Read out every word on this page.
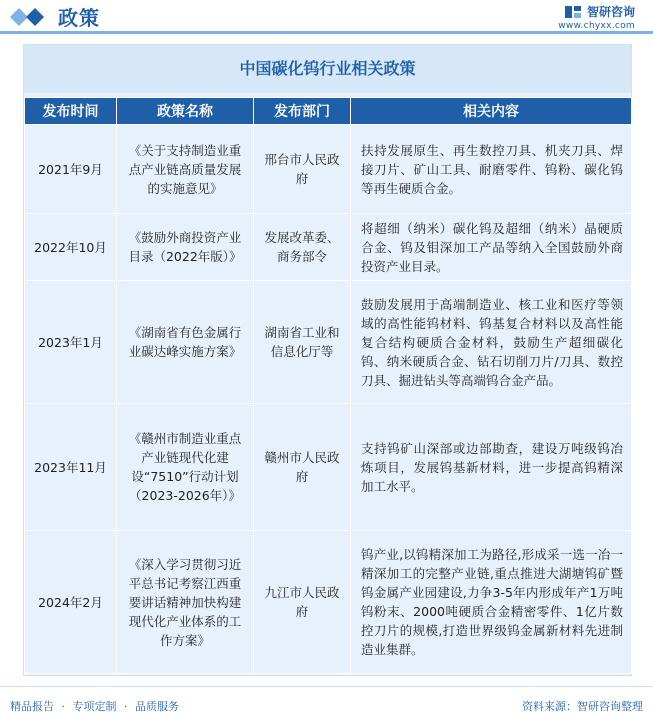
政策	智研咨询
www.chyxx.com
中国碳化钨行业相关政策
发布时间	政策名称	发布部门	相关内容
2021年9月	《关于支持制造业重点产业链高质量发展的实施意见》	邢台市人民政府	扶持发展原生、再生数控刀具、机夹刀具、焊接刀片、矿山工具、耐磨零件、钨粉、碳化钨等再生硬质合金。
2022年10月	《鼓励外商投资产业目录（2022年版）》	发展改革委、商务部令	将超细（纳米）碳化钨及超细（纳米）晶硬质合金、钨及钼深加工产品等纳入全国鼓励外商投资产业目录。
2023年1月	《湖南省有色金属行业碳达峰实施方案》	湖南省工业和信息化厅等	鼓励发展用于高端制造业、核工业和医疗等领域的高性能钨材料、钨基复合材料以及高性能复合结构硬质合金材料，鼓励生产超细碳化钨、纳米硬质合金、钻石切削刀片/刀具、数控刀具、掘进钻头等高端钨合金产品。
2023年11月	《赣州市制造业重点产业链现代化建设“7510”行动计划（2023-2026年）》	赣州市人民政府	支持钨矿山深部或边部勘查，建设万吨级钨冶炼项目，发展钨基新材料，进一步提高钨精深加工水平。
2024年2月	《深入学习贯彻习近平总书记考察江西重要讲话精神加快构建现代化产业体系的工作方案》	九江市人民政府	钨产业,以钨精深加工为路径,形成采一选一冶一精深加工的完整产业链,重点推进大湖塘钨矿暨钨金属产业园建设,力争3-5年内形成年产1万吨钨粉末、2000吨硬质合金精密零件、1亿片数控刀片的规模,打造世界级钨金属新材料先进制造业集群。
精品报告 · 专项定制 · 品质服务	资料来源：智研咨询整理
